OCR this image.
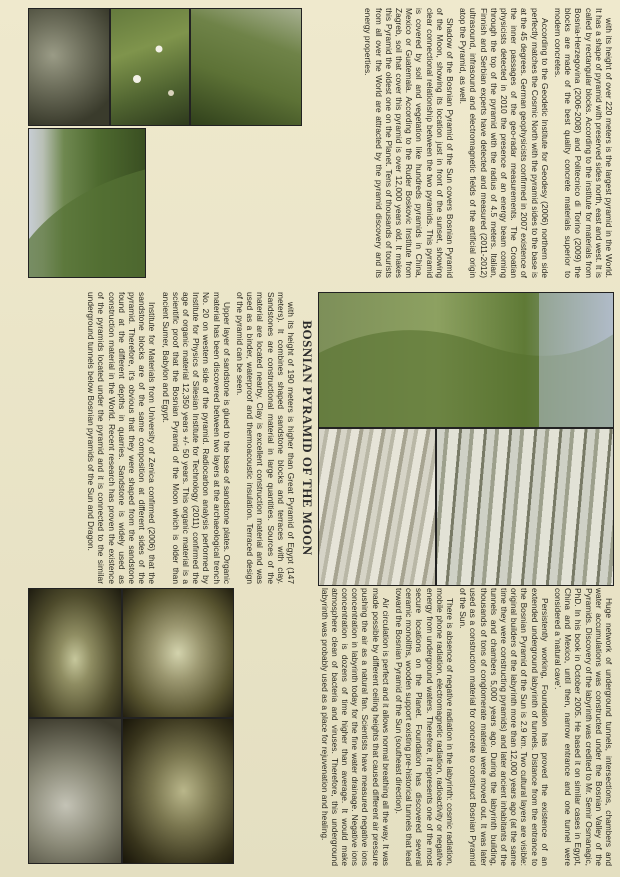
with its height of over 220 meters is the largest pyramid in the World. It has a shape of pyramid with preserved sides north, east and west. It is called by rectangular blocks. According to the institute for materials from Bosnia-Herzegovina (2006-2008) and Politecnico di Torino (2009) the blocks are made of the best quality concrete materials superior to modern concretes.

According to the Geodetic Institute for Geodesy (2006) northern side perfectly matches the Cosmic North with the pyramid sides to the base is at the 45 degrees. German geophysicists confirmed in 2007 existence of the inner passages of the geo-radar measurements. The Croatian physicists detected in 2010 the presence of an energy beam coming through the top of the pyramid with the radius of 4.5 meters. Italian, Finnish and Serbian experts have detected and measured (2011-2012) ultrasound, infrasound and electromagnetic fields of the artificial origin atop the Pyramid, as well.

Shadow of the Bosnian Pyramid of the Sun covers Bosnian Pyramid of the Moon, showing its location just in front of the sunset, showing clear connectional relationship between the two pyramids. This pyramid is covered by soil and vegetation like hundreds pyramids in China, Mexico or Guatemala. According to the Ruder Boskovic Institute from Zagreb, soil that cover this pyramid is over 12,000 years old. It makes this Pyramid the oldest one on the Planet. Tens of thousands of tourists from all over the World are attracted by the pyramid discovery and its energy properties.

BOSNIAN PYRAMID OF THE MOON

with its height of 190 meters is higher than Great Pyramid of Egypt (147 meters). It combines shaped sandstone blocks and terraces with clay. Sandstones are constructional material in large quantities. Sources of the material are located nearby. Clay is excellent construction material and was used as a binder, waterproof and thermoacoustic insulation. Terraced design of the pyramid can be seen.

Upper layer of sandstone is glued to the base of sandstone plates. Organic material has been discovered between two layers at the archaeological trench No. 20 on western side of the pyramid. Radiocarbon analysis performed by Institute for Physics of Silesian Institute for Technology (2011) confirmed the age of organic material 12,350 years +/- 50 years. This organic material is a scientific proof that the Bosnian Pyramid of the Moon which is older than ancient Sumer, Babylon and Egypt.

Institute for Materials from University of Zenica confirmed (2006) that the sandstone blocks are of the same composition at different sides of the pyramid. Therefore, it's obvious that they were shaped from the sandstone found at the different depths in quarries. Sandstone is widely used as construction material in the World. Recent research has proven the existence of the pyramids located under the pyramid and it is connected to the similar underground tunnels below Bosnian pyramids of the Sun and Dragon.

Huge network of underground tunnels, intersections, chambers and water accumulations was constructed under the Bosnian Valley of the Pyramids. Discovery of the labyrinth was credited to Mr. Semir Osmanagic, PhD. In his book in October 2005. He based it on similar cases in Egypt, China and Mexico, until then, narrow entrance and one tunnel were considered a 'natural cave'.

Persistently working, Foundation has proved the existence of an extended underground labyrinth of tunnels. Distance from the entrance to the Bosnian Pyramid of the Sun is 2.9 km. Two cultural layers are visible: original builders of the labyrinth more than 12,000 years ago (at the same time they were constructing pyramids) and later ancient inhabitants of the tunnels and chambers 5,000 years ago. During the labyrinth building, thousands of tons of conglomerate material were moved out. It was later used as a construction material for concrete to construct Bosnian Pyramid of the Sun.

There is absence of negative radiation in the labyrinth: cosmic radiation, mobile phone radiation, electromagnetic radiation, radioactivity or negative energy from underground waters. Therefore, it represents one of the most secure locations on the Planet. Foundation has discovered several ceramic monoliths, wooden support existing pre-historical tunnels that lead toward the Bosnian Pyramid of the Sun (southeast direction).

Air circulation is perfect and it allows normal breathing all the way. It was made possible by different ceiling heights that caused different air pressure pushing the air as a natural fan. Scientists have measured negative ions concentration in labyrinth today for the fine water drainage. Negative ions concentration is dozens of time higher than average. It would make atmosphere clean of bacteria and viruses. Therefore, this underground labyrinth was probably used as a place for rejuvenation and healing.
